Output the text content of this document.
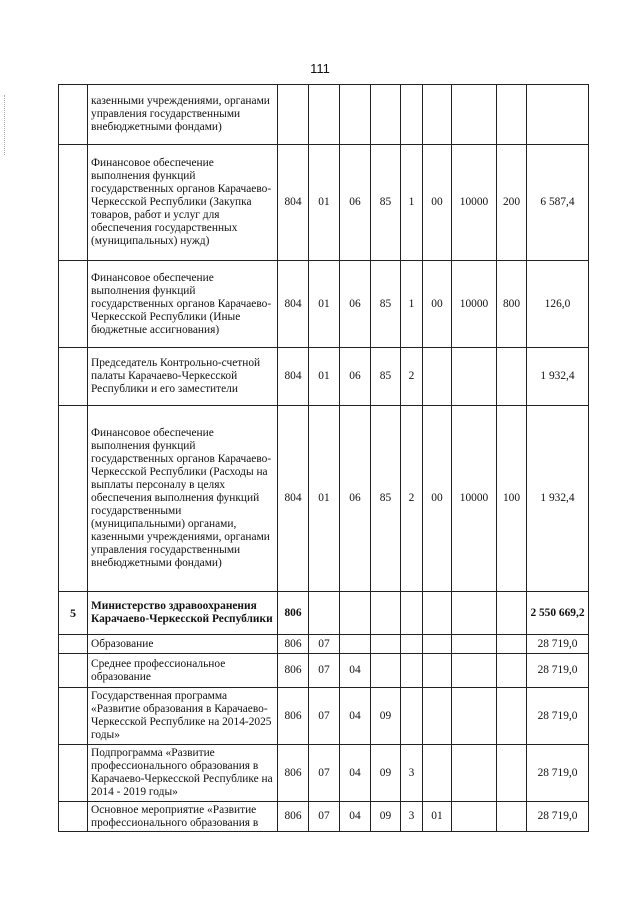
111
	казенными учреждениями, органами управления государственными внебюджетными фондами)									
	Финансовое обеспечение выполнения функций государственных органов Карачаево-Черкесской Республики (Закупка товаров, работ и услуг для обеспечения государственных (муниципальных) нужд)	804	01	06	85	1	00	10000	200	6 587,4
	Финансовое обеспечение выполнения функций государственных органов Карачаево-Черкесской Республики (Иные бюджетные ассигнования)	804	01	06	85	1	00	10000	800	126,0
	Председатель Контрольно-счетной палаты Карачаево-Черкесской Республики и его заместители	804	01	06	85	2				1 932,4
	Финансовое обеспечение выполнения функций государственных органов Карачаево-Черкесской Республики (Расходы на выплаты персоналу в целях обеспечения выполнения функций государственными (муниципальными) органами, казенными учреждениями, органами управления государственными внебюджетными фондами)	804	01	06	85	2	00	10000	100	1 932,4
5	Министерство здравоохранения Карачаево-Черкесской Республики	806								2 550 669,2
	Образование	806	07							28 719,0
	Среднее профессиональное образование	806	07	04						28 719,0
	Государственная программа «Развитие образования в Карачаево-Черкесской Республике на 2014-2025 годы»	806	07	04	09					28 719,0
	Подпрограмма «Развитие профессионального образования в Карачаево-Черкесской Республике на 2014 - 2019 годы»	806	07	04	09	3				28 719,0
	Основное мероприятие «Развитие профессионального образования в	806	07	04	09	3	01			28 719,0
